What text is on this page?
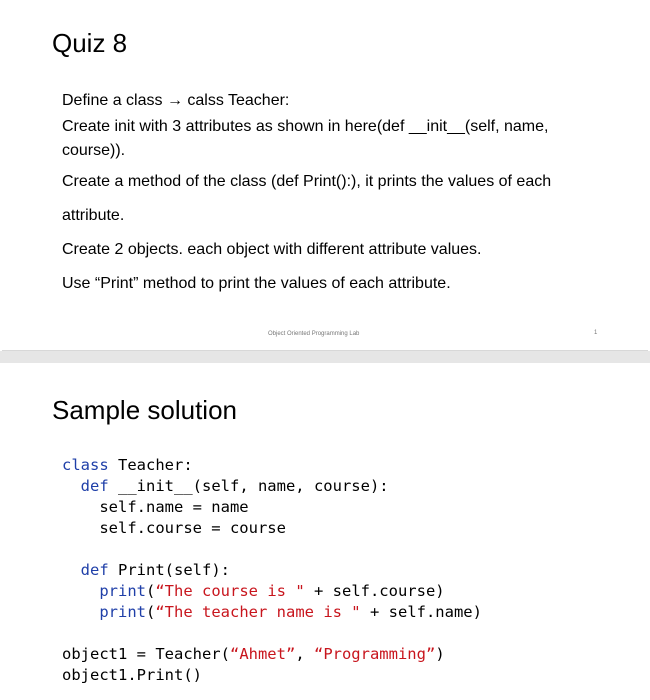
Quiz 8

Define a class → calss Teacher:

Create init with 3 attributes as shown in here(def __init__(self, name,

course)).

Create a method of the class (def Print():), it prints the values of each

attribute.

Create 2 objects. each object with different attribute values.

Use “Print” method to print the values of each attribute.

Object Oriented Programming Lab	1
Sample solution
class Teacher:
def __init__(self, name, course):
self.name = name
self.course = course
def Print(self):
print(“The course is " + self.course)
print(“The teacher name is " + self.name)
object1 = Teacher(“Ahmet”, “Programming”)
object1.Print()
